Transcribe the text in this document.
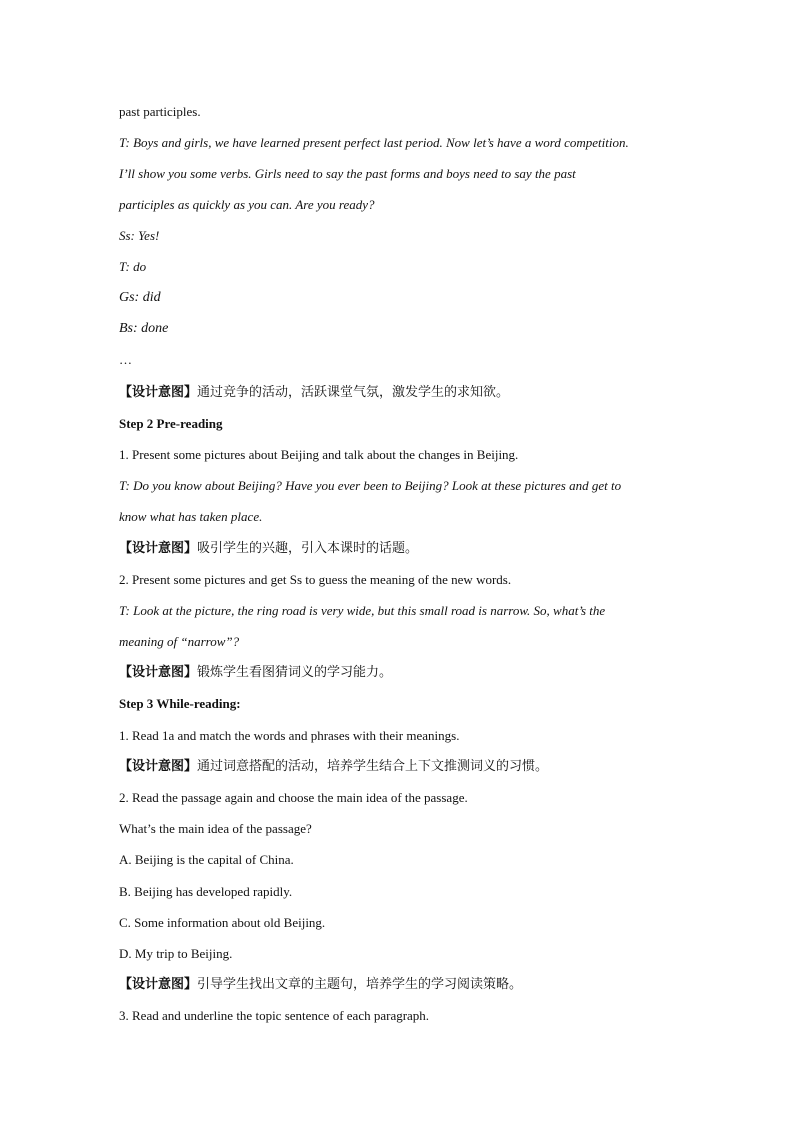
past participles.
T: Boys and girls, we have learned present perfect last period. Now let’s have a word competition.
I’ll show you some verbs. Girls need to say the past forms and boys need to say the past
participles as quickly as you can. Are you ready?
Ss: Yes!
T: do
Gs: did
Bs: done
…
【设计意图】通过竞争的活动，活跃课堂气氛，激发学生的求知欲。
Step 2 Pre-reading
1. Present some pictures about Beijing and talk about the changes in Beijing.
T: Do you know about Beijing? Have you ever been to Beijing? Look at these pictures and get to
know what has taken place.
【设计意图】吸引学生的兴趣，引入本课时的话题。
2. Present some pictures and get Ss to guess the meaning of the new words.
T: Look at the picture, the ring road is very wide, but this small road is narrow. So, what’s the
meaning of “narrow”?
【设计意图】锻炼学生看图猜词义的学习能力。
Step 3 While-reading:
1. Read 1a and match the words and phrases with their meanings.
【设计意图】通过词意搭配的活动，培养学生结合上下文推测词义的习惯。
2. Read the passage again and choose the main idea of the passage.
What’s the main idea of the passage?
A. Beijing is the capital of China.
B. Beijing has developed rapidly.
C. Some information about old Beijing.
D. My trip to Beijing.
【设计意图】引导学生找出文章的主题句，培养学生的学习阅读策略。
3. Read and underline the topic sentence of each paragraph.
